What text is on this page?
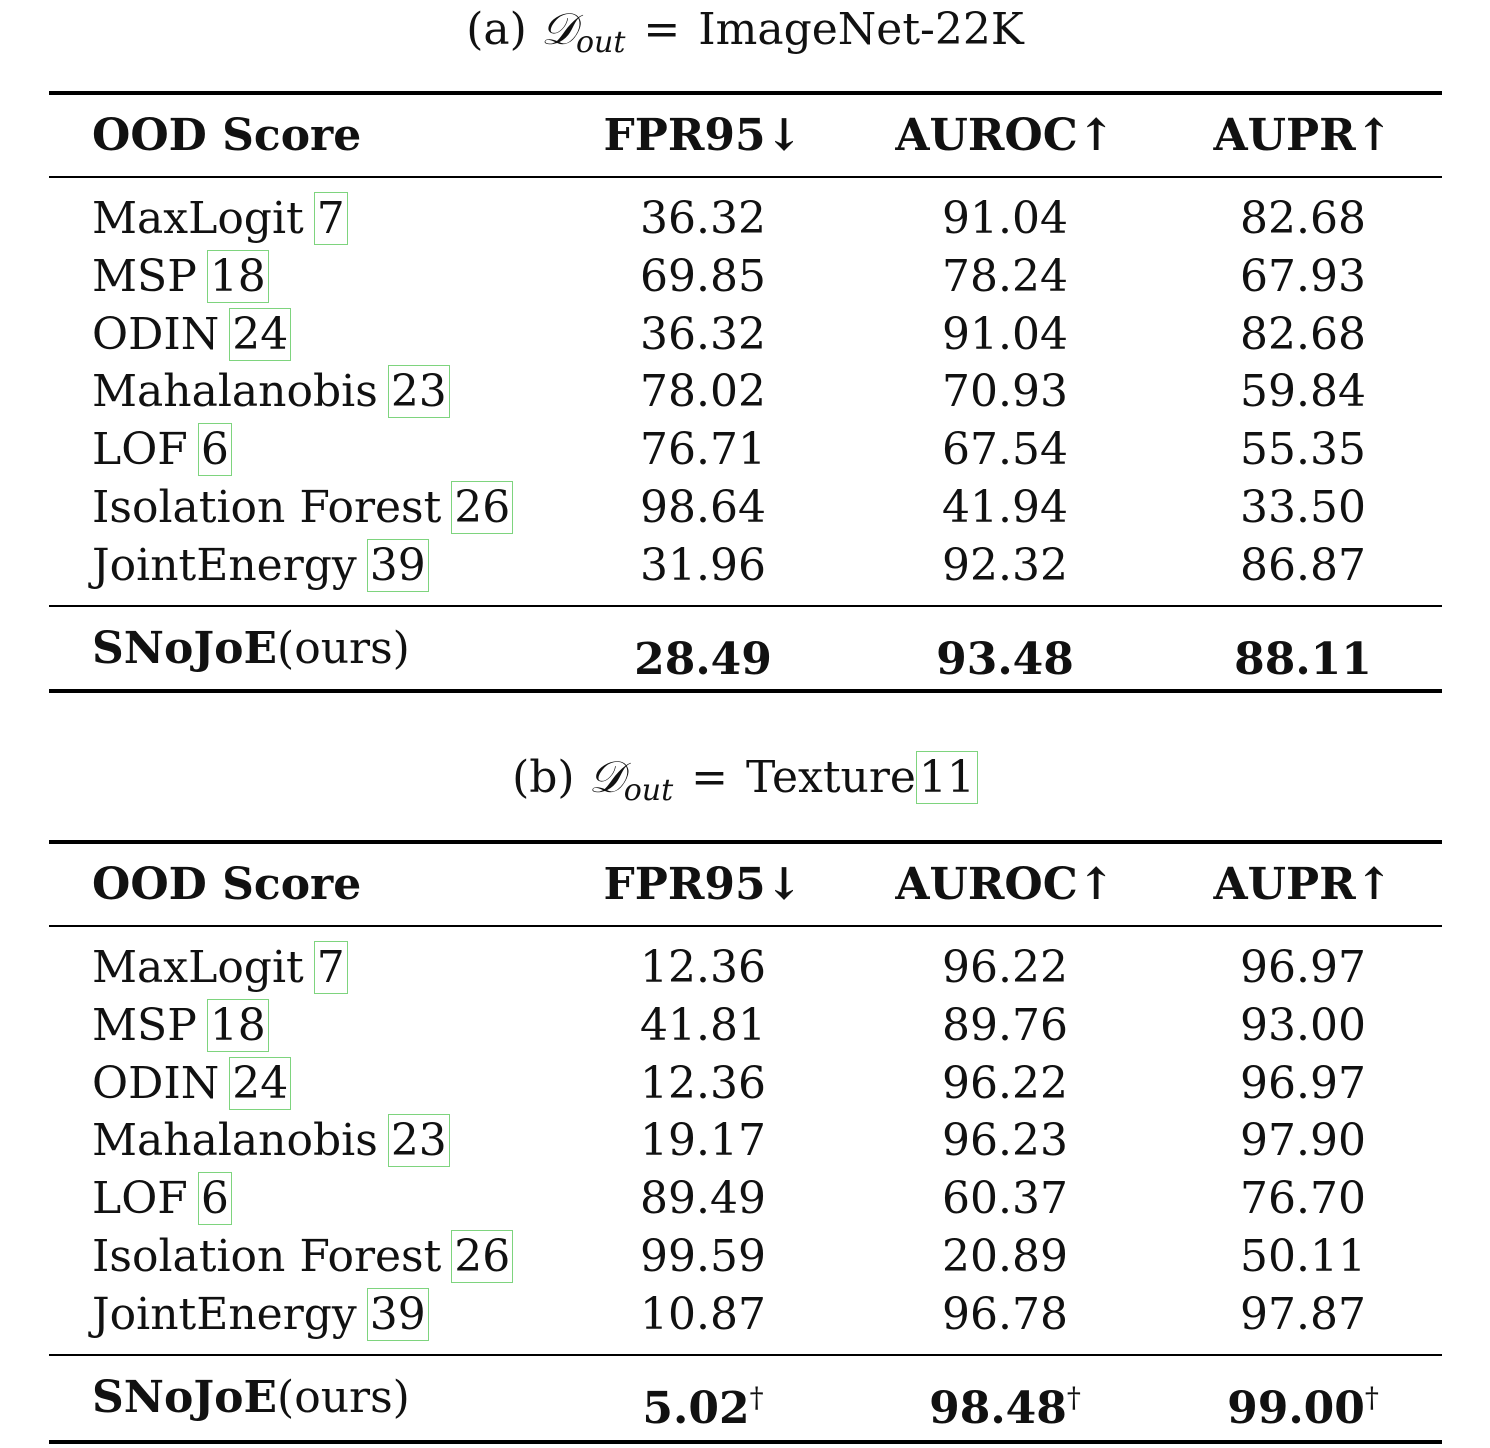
(a) 𝒟$_{out}$ = ImageNet-22K
OOD Score	FPR95↓	AUROC↑	AUPR↑
MaxLogit 7	36.32	91.04	82.68
MSP 18	69.85	78.24	67.93
ODIN 24	36.32	91.04	82.68
Mahalanobis 23	78.02	70.93	59.84
LOF 6	76.71	67.54	55.35
Isolation Forest 26	98.64	41.94	33.50
JointEnergy 39	31.96	92.32	86.87
SNoJoE(ours)	28.49	93.48	88.11
(b) 𝒟$_{out}$ = Texture11
OOD Score	FPR95↓	AUROC↑	AUPR↑
MaxLogit 7	12.36	96.22	96.97
MSP 18	41.81	89.76	93.00
ODIN 24	12.36	96.22	96.97
Mahalanobis 23	19.17	96.23	97.90
LOF 6	89.49	60.37	76.70
Isolation Forest 26	99.59	20.89	50.11
JointEnergy 39	10.87	96.78	97.87
SNoJoE(ours)	5.02†	98.48†	99.00†
